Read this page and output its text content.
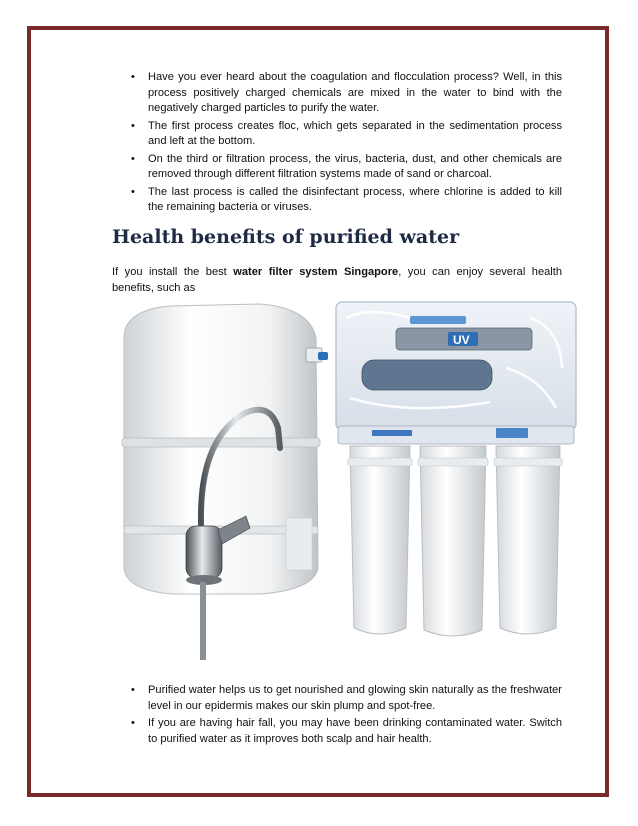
• Have you ever heard about the coagulation and flocculation process? Well, in this process positively charged chemicals are mixed in the water to bind with the negatively charged particles to purify the water.
• The first process creates floc, which gets separated in the sedimentation process and left at the bottom.
• On the third or filtration process, the virus, bacteria, dust, and other chemicals are removed through different filtration systems made of sand or charcoal.
• The last process is called the disinfectant process, where chlorine is added to kill the remaining bacteria or viruses.
Health benefits of purified water

If you install the best water filter system Singapore, you can enjoy several health benefits, such as

UV
• Purified water helps us to get nourished and glowing skin naturally as the freshwater level in our epidermis makes our skin plump and spot-free.
• If you are having hair fall, you may have been drinking contaminated water. Switch to purified water as it improves both scalp and hair health.
